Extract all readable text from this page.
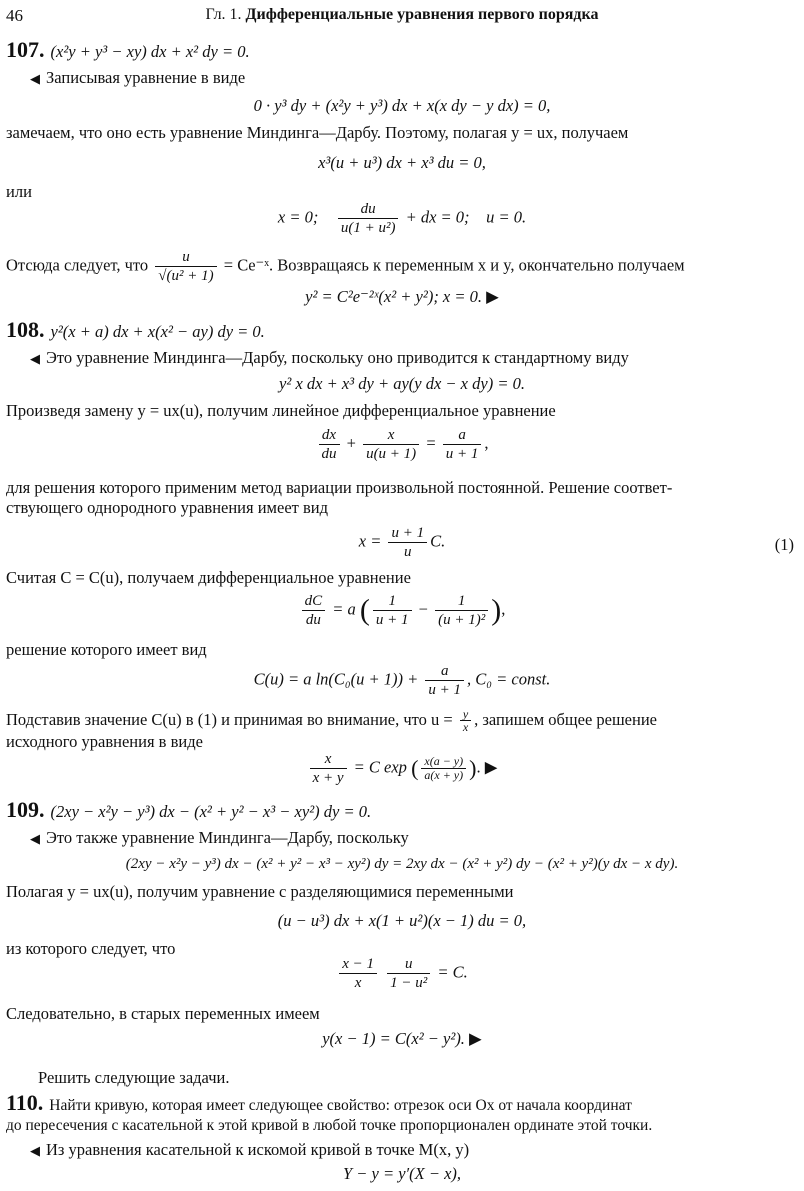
46	Гл. 1. Дифференциальные уравнения первого порядка
107. (x²y + y³ − xy) dx + x² dy = 0.
◀ Записывая уравнение в виде
0 · y³ dy + (x²y + y³) dx + x(x dy − y dx) = 0,
замечаем, что оно есть уравнение Миндинга—Дарбу. Поэтому, полагая y = ux, получаем
x³(u + u³) dx + x³ du = 0,
или
x = 0; $\frac{du}{\text{u(1 + u²)}}$ + dx = 0; u = 0.
Отсюда следует, что $\frac{u}{\text{√(u² + 1)}}$ = Ce⁻ˣ. Возвращаясь к переменным x и y, окончательно получаем
y² = C²e⁻²ˣ(x² + y²); x = 0. ▶
108. y²(x + a) dx + x(x² − ay) dy = 0.
◀ Это уравнение Миндинга—Дарбу, поскольку оно приводится к стандартному виду
y² x dx + x³ dy + ay(y dx − x dy) = 0.
Произведя замену y = ux(u), получим линейное дифференциальное уравнение
$\frac{dx}{du} + \frac{x}{u(u + 1)} = \frac{a}{u + 1}$ ,
для решения которого применим метод вариации произвольной постоянной. Решение соответ-
ствующего однородного уравнения имеет вид
$x = \frac{u + 1}{u} C$.	(1)
Считая C = C(u), получаем дифференциальное уравнение
$\frac{dC}{du} = a$ ( $\frac{1}{u + 1} - \frac{1}{\text{(u + 1)²}}$ ),
решение которого имеет вид
C(u) = a $\ln(C_0(u + 1)) + \frac{a}{u + 1}$ , C₀ = const.
Подставив значение C(u) в (1) и принимая во внимание, что $u = \frac{y}{x}$ , запишем общее решение
исходного уравнения в виде
$\frac{x}{x + y} = C$ exp ( $\frac{x(a - y)}{a(x + y)}$ ). ▶
109. (2xy − x²y − y³) dx − (x² + y² − x³ − xy²) dy = 0.
◀ Это также уравнение Миндинга—Дарбу, поскольку
(2xy − x²y − y³) dx − (x² + y² − x³ − xy²) dy = 2xy dx − (x² + y²) dy − (x² + y²)(y dx − x dy).
Полагая y = ux(u), получим уравнение с разделяющимися переменными
(u − u³) dx + x(1 + u²)(x − 1) du = 0,
из которого следует, что
$\frac{x - 1}{x}$
$\frac{u}{\text{1 − u²}} = C$.
Следовательно, в старых переменных имеем
y(x − 1) = C(x² − y²). ▶
Решить следующие задачи.
110. Найти кривую, которая имеет следующее свойство: отрезок оси Ox от начала координат
до пересечения с касательной к этой кривой в любой точке пропорционален ординате этой точки.
◀ Из уравнения касательной к искомой кривой в точке M(x, y)
Y − y = y′(X − x),
